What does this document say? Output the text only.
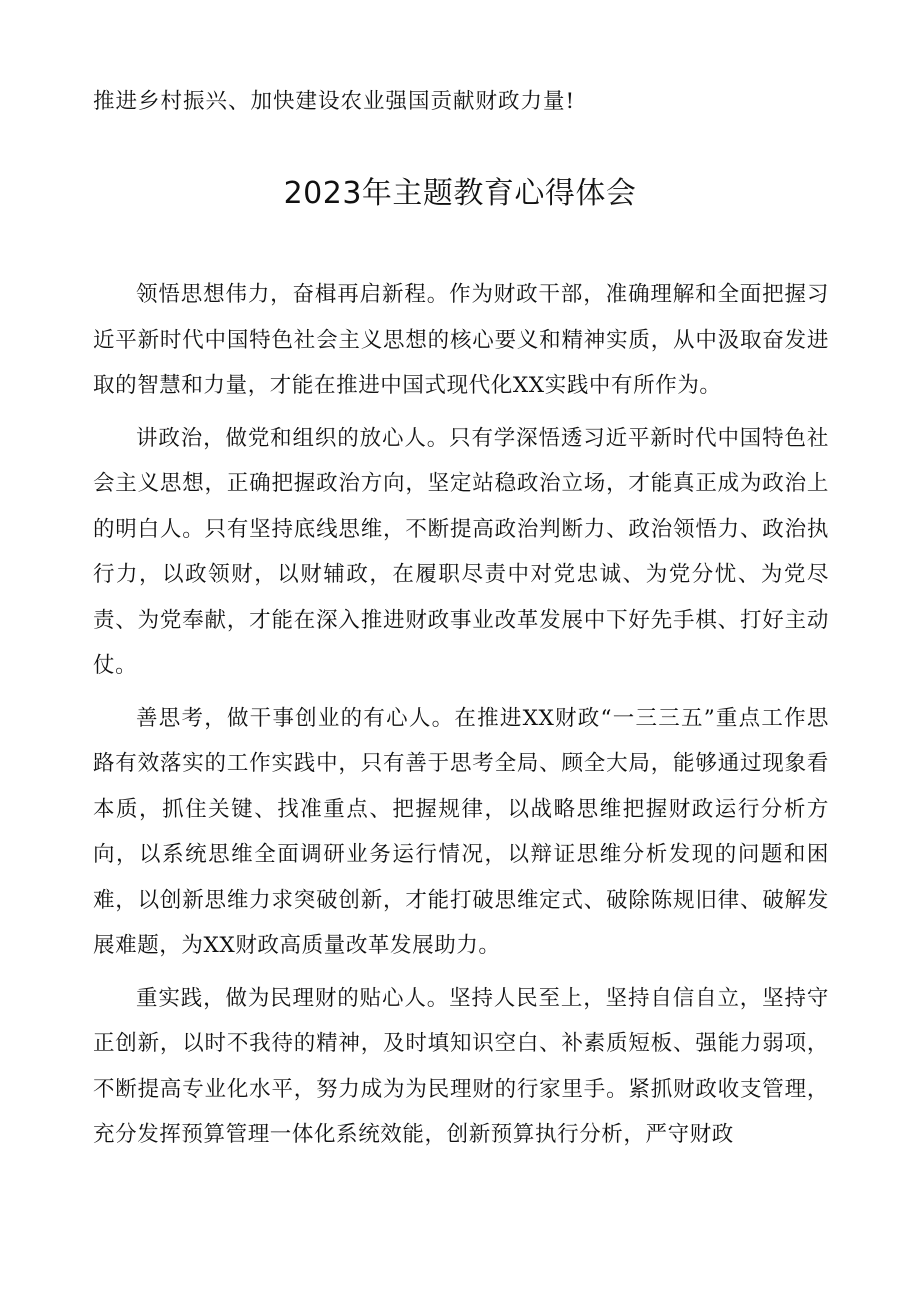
推进乡村振兴、加快建设农业强国贡献财政力量!
2023年主题教育心得体会

领悟思想伟力，奋楫再启新程。作为财政干部，准确理解和全面把握习近平新时代中国特色社会主义思想的核心要义和精神实质，从中汲取奋发进取的智慧和力量，才能在推进中国式现代化XX实践中有所作为。

讲政治，做党和组织的放心人。只有学深悟透习近平新时代中国特色社会主义思想，正确把握政治方向，坚定站稳政治立场，才能真正成为政治上的明白人。只有坚持底线思维，不断提高政治判断力、政治领悟力、政治执行力，以政领财，以财辅政，在履职尽责中对党忠诚、为党分忧、为党尽责、为党奉献，才能在深入推进财政事业改革发展中下好先手棋、打好主动仗。

善思考，做干事创业的有心人。在推进XX财政“一三三五”重点工作思路有效落实的工作实践中，只有善于思考全局、顾全大局，能够通过现象看本质，抓住关键、找准重点、把握规律，以战略思维把握财政运行分析方向，以系统思维全面调研业务运行情况，以辩证思维分析发现的问题和困难，以创新思维力求突破创新，才能打破思维定式、破除陈规旧律、破解发展难题，为XX财政高质量改革发展助力。

重实践，做为民理财的贴心人。坚持人民至上，坚持自信自立，坚持守正创新，以时不我待的精神，及时填知识空白、补素质短板、强能力弱项，不断提高专业化水平，努力成为为民理财的行家里手。紧抓财政收支管理，充分发挥预算管理一体化系统效能，创新预算执行分析，严守财政
